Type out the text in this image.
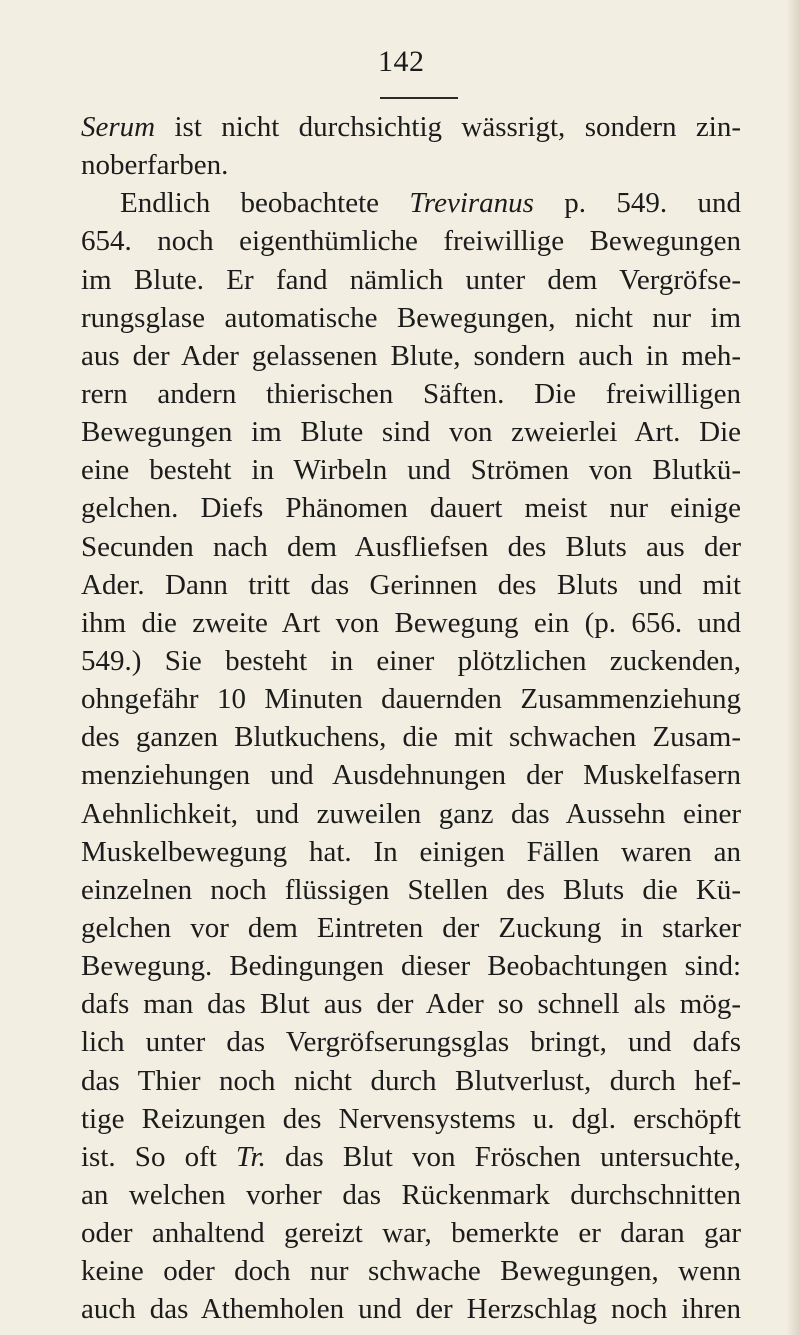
142
Serum ist nicht durchsichtig wässrigt, sondern zin-
noberfarben.
Endlich beobachtete Treviranus p. 549. und
654. noch eigenthümliche freiwillige Bewegungen
im Blute. Er fand nämlich unter dem Vergröfse-
rungsglase automatische Bewegungen, nicht nur im
aus der Ader gelassenen Blute, sondern auch in meh-
rern andern thierischen Säften. Die freiwilligen
Bewegungen im Blute sind von zweierlei Art. Die
eine besteht in Wirbeln und Strömen von Blutkü-
gelchen. Diefs Phänomen dauert meist nur einige
Secunden nach dem Ausfliefsen des Bluts aus der
Ader. Dann tritt das Gerinnen des Bluts und mit
ihm die zweite Art von Bewegung ein (p. 656. und
549.) Sie besteht in einer plötzlichen zuckenden,
ohngefähr 10 Minuten dauernden Zusammenziehung
des ganzen Blutkuchens, die mit schwachen Zusam-
menziehungen und Ausdehnungen der Muskelfasern
Aehnlichkeit, und zuweilen ganz das Aussehn einer
Muskelbewegung hat. In einigen Fällen waren an
einzelnen noch flüssigen Stellen des Bluts die Kü-
gelchen vor dem Eintreten der Zuckung in starker
Bewegung. Bedingungen dieser Beobachtungen sind:
dafs man das Blut aus der Ader so schnell als mög-
lich unter das Vergröfserungsglas bringt, und dafs
das Thier noch nicht durch Blutverlust, durch hef-
tige Reizungen des Nervensystems u. dgl. erschöpft
ist. So oft Tr. das Blut von Fröschen untersuchte,
an welchen vorher das Rückenmark durchschnitten
oder anhaltend gereizt war, bemerkte er daran gar
keine oder doch nur schwache Bewegungen, wenn
auch das Athemholen und der Herzschlag noch ihren
